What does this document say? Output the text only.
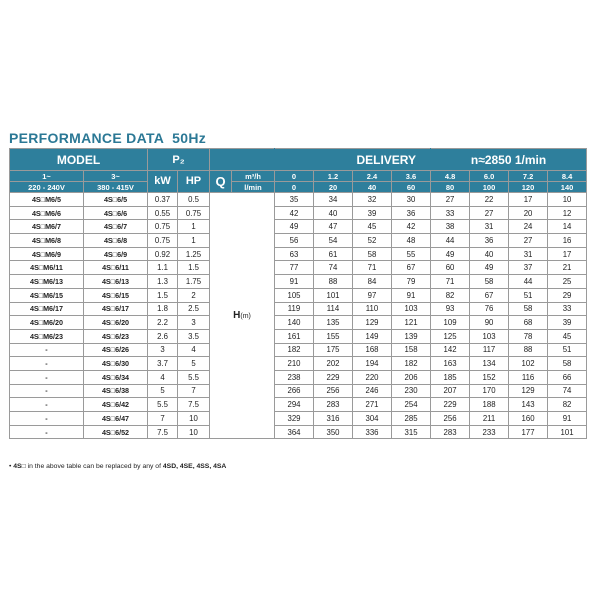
PERFORMANCE DATA 50Hz
MODEL		P₂				DELIVERY				n≈2850 1/min			
1~	3~	kW	HP	Q	m³/h	0	1.2	2.4	3.6	4.8	6.0	7.2	8.4
220 - 240V	380 - 415V				l/min	0	20	40	60	80	100	120	140
4S□M6/5	4S□6/5	0.37	0.5	H(m)		35	34	32	30	27	22	17	10
4S□M6/6	4S□6/6	0.55	0.75			42	40	39	36	33	27	20	12
4S□M6/7	4S□6/7	0.75	1			49	47	45	42	38	31	24	14
4S□M6/8	4S□6/8	0.75	1			56	54	52	48	44	36	27	16
4S□M6/9	4S□6/9	0.92	1.25			63	61	58	55	49	40	31	17
4S□M6/11	4S□6/11	1.1	1.5			77	74	71	67	60	49	37	21
4S□M6/13	4S□6/13	1.3	1.75			91	88	84	79	71	58	44	25
4S□M6/15	4S□6/15	1.5	2			105	101	97	91	82	67	51	29
4S□M6/17	4S□6/17	1.8	2.5			119	114	110	103	93	76	58	33
4S□M6/20	4S□6/20	2.2	3			140	135	129	121	109	90	68	39
4S□M6/23	4S□6/23	2.6	3.5			161	155	149	139	125	103	78	45
-	4S□6/26	3	4			182	175	168	158	142	117	88	51
-	4S□6/30	3.7	5			210	202	194	182	163	134	102	58
-	4S□6/34	4	5.5			238	229	220	206	185	152	116	66
-	4S□6/38	5	7			266	256	246	230	207	170	129	74
-	4S□6/42	5.5	7.5			294	283	271	254	229	188	143	82
-	4S□6/47	7	10			329	316	304	285	256	211	160	91
-	4S□6/52	7.5	10			364	350	336	315	283	233	177	101
• 4S□ in the above table can be replaced by any of 4SD, 4SE, 4SS, 4SA
